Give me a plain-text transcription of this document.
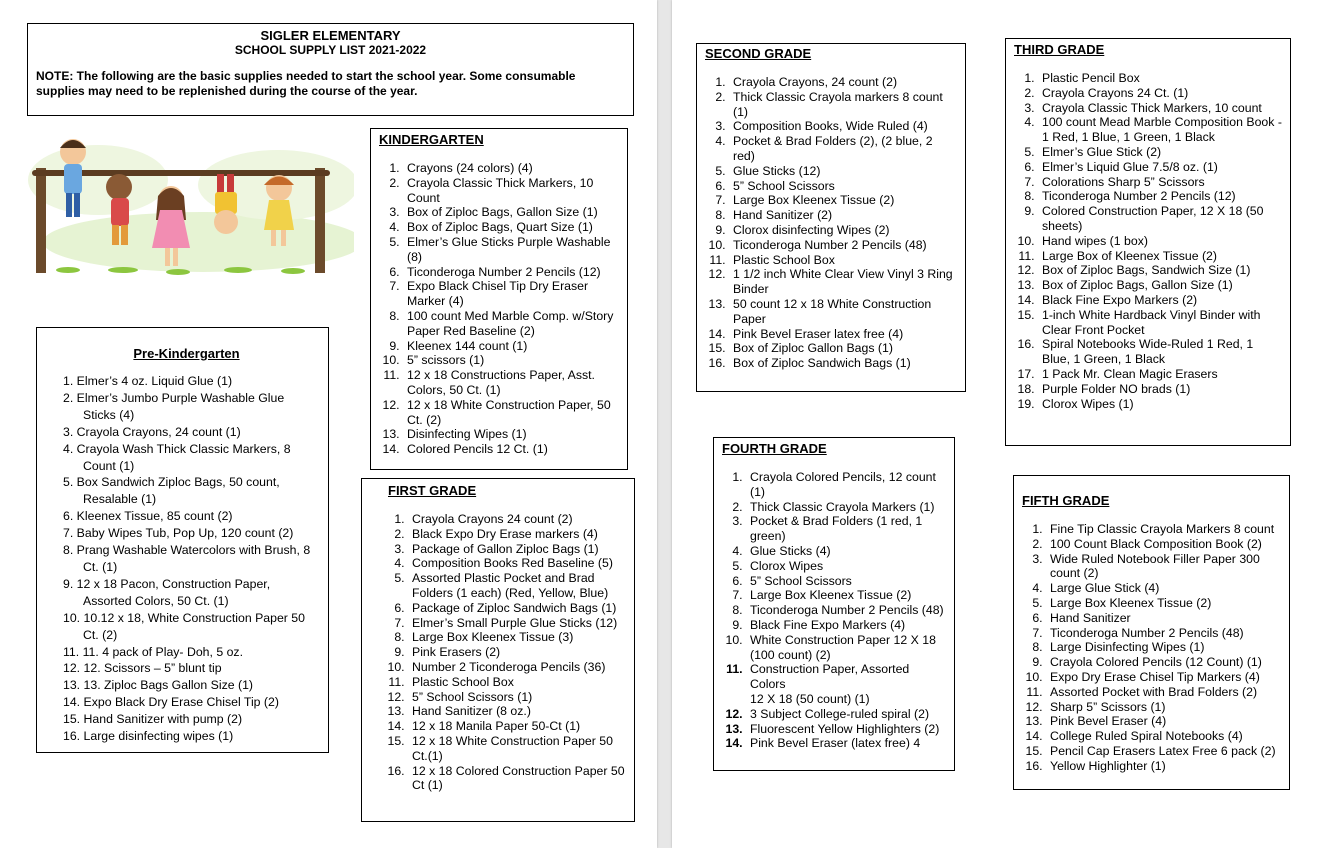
SIGLER ELEMENTARY
SCHOOL SUPPLY LIST 2021-2022
NOTE: The following are the basic supplies needed to start the school year. Some consumable supplies may need to be replenished during the course of the year.
Pre-Kindergarten
1. Elmer’s 4 oz. Liquid Glue (1)
2. Elmer’s Jumbo Purple Washable Glue Sticks (4)
3. Crayola Crayons, 24 count (1)
4. Crayola Wash Thick Classic Markers, 8 Count (1)
5. Box Sandwich Ziploc Bags, 50 count, Resalable (1)
6. Kleenex Tissue, 85 count (2)
7. Baby Wipes Tub, Pop Up, 120 count (2)
8. Prang Washable Watercolors with Brush, 8 Ct. (1)
9. 12 x 18 Pacon, Construction Paper, Assorted Colors, 50 Ct. (1)
10. 10.12 x 18, White Construction Paper 50 Ct. (2)
11. 11. 4 pack of Play- Doh, 5 oz.
12. 12. Scissors – 5” blunt tip
13. 13. Ziploc Bags Gallon Size (1)
14. Expo Black Dry Erase Chisel Tip (2)
15. Hand Sanitizer with pump (2)
16. Large disinfecting wipes (1)
KINDERGARTEN
1. Crayons (24 colors) (4)
2. Crayola Classic Thick Markers, 10 Count
3. Box of Ziploc Bags, Gallon Size (1)
4. Box of Ziploc Bags, Quart Size (1)
5. Elmer’s Glue Sticks Purple Washable (8)
6. Ticonderoga Number 2 Pencils (12)
7. Expo Black Chisel Tip Dry Eraser Marker (4)
8. 100 count Med Marble Comp. w/Story Paper Red Baseline (2)
9. Kleenex 144 count (1)
10. 5” scissors (1)
11. 12 x 18 Constructions Paper, Asst. Colors, 50 Ct. (1)
12. 12 x 18 White Construction Paper, 50 Ct. (2)
13. Disinfecting Wipes (1)
14. Colored Pencils 12 Ct. (1)
FIRST GRADE
1. Crayola Crayons 24 count (2)
2. Black Expo Dry Erase markers (4)
3. Package of Gallon Ziploc Bags (1)
4. Composition Books Red Baseline (5)
5. Assorted Plastic Pocket and Brad Folders (1 each) (Red, Yellow, Blue)
6. Package of Ziploc Sandwich Bags (1)
7. Elmer’s Small Purple Glue Sticks (12)
8. Large Box Kleenex Tissue (3)
9. Pink Erasers (2)
10. Number 2 Ticonderoga Pencils (36)
11. Plastic School Box
12. 5” School Scissors (1)
13. Hand Sanitizer (8 oz.)
14. 12 x 18 Manila Paper 50-Ct (1)
15. 12 x 18 White Construction Paper 50 Ct.(1)
16. 12 x 18 Colored Construction Paper 50 Ct (1)
SECOND GRADE
1. Crayola Crayons, 24 count (2)
2. Thick Classic Crayola markers 8 count (1)
3. Composition Books, Wide Ruled (4)
4. Pocket & Brad Folders (2), (2 blue, 2 red)
5. Glue Sticks (12)
6. 5” School Scissors
7. Large Box Kleenex Tissue (2)
8. Hand Sanitizer (2)
9. Clorox disinfecting Wipes (2)
10. Ticonderoga Number 2 Pencils (48)
11. Plastic School Box
12. 1 1/2 inch White Clear View Vinyl 3 Ring Binder
13. 50 count 12 x 18 White Construction Paper
14. Pink Bevel Eraser latex free (4)
15. Box of Ziploc Gallon Bags (1)
16. Box of Ziploc Sandwich Bags (1)
THIRD GRADE
1. Plastic Pencil Box
2. Crayola Crayons 24 Ct. (1)
3. Crayola Classic Thick Markers, 10 count
4. 100 count Mead Marble Composition Book - 1 Red, 1 Blue, 1 Green, 1 Black
5. Elmer’s Glue Stick (2)
6. Elmer’s Liquid Glue 7.5/8 oz. (1)
7. Colorations Sharp 5” Scissors
8. Ticonderoga Number 2 Pencils (12)
9. Colored Construction Paper, 12 X 18 (50 sheets)
10. Hand wipes (1 box)
11. Large Box of Kleenex Tissue (2)
12. Box of Ziploc Bags, Sandwich Size (1)
13. Box of Ziploc Bags, Gallon Size (1)
14. Black Fine Expo Markers (2)
15. 1-inch White Hardback Vinyl Binder with Clear Front Pocket
16. Spiral Notebooks Wide-Ruled 1 Red, 1 Blue, 1 Green, 1 Black
17. 1 Pack Mr. Clean Magic Erasers
18. Purple Folder NO brads (1)
19. Clorox Wipes (1)
FOURTH GRADE
1. Crayola Colored Pencils, 12 count (1)
2. Thick Classic Crayola Markers (1)
3. Pocket & Brad Folders (1 red, 1 green)
4. Glue Sticks (4)
5. Clorox Wipes
6. 5” School Scissors
7. Large Box Kleenex Tissue (2)
8. Ticonderoga Number 2 Pencils (48)
9. Black Fine Expo Markers (4)
10. White Construction Paper 12 X 18 (100 count) (2)
11. Construction Paper, Assorted Colors
12 X 18 (50 count) (1)
12. 3 Subject College-ruled spiral (2)
13. Fluorescent Yellow Highlighters (2)
14. Pink Bevel Eraser (latex free) 4
FIFTH GRADE
1. Fine Tip Classic Crayola Markers 8 count
2. 100 Count Black Composition Book (2)
3. Wide Ruled Notebook Filler Paper 300 count (2)
4. Large Glue Stick (4)
5. Large Box Kleenex Tissue (2)
6. Hand Sanitizer
7. Ticonderoga Number 2 Pencils (48)
8. Large Disinfecting Wipes (1)
9. Crayola Colored Pencils (12 Count) (1)
10. Expo Dry Erase Chisel Tip Markers (4)
11. Assorted Pocket with Brad Folders (2)
12. Sharp 5” Scissors (1)
13. Pink Bevel Eraser (4)
14. College Ruled Spiral Notebooks (4)
15. Pencil Cap Erasers Latex Free 6 pack (2)
16. Yellow Highlighter (1)
